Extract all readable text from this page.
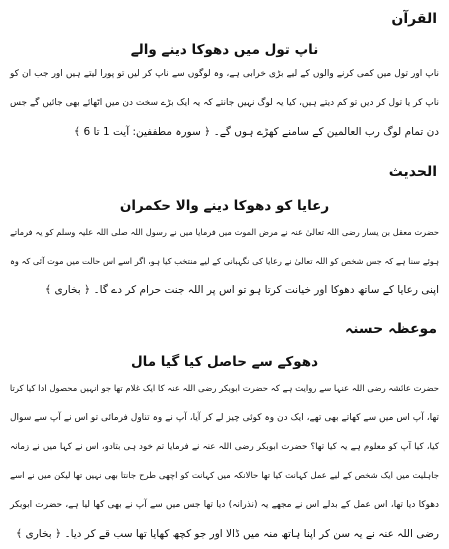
القرآن
ناپ تول میں دھوکا دینے والے
ناپ اور تول میں کمی کرنے والوں کے لیے بڑی خرابی ہے، وہ لوگوں سے ناپ کر لیں تو پورا لیتے ہیں اور جب ان کو
ناپ کر یا تول کر دیں تو کم دیتے ہیں، کیا یہ لوگ نہیں جانتے کہ یہ ایک بڑے سخت دن میں اٹھائے بھی جائیں گے جس
دن تمام لوگ رب العالمین کے سامنے کھڑے ہوں گے۔ ﴿ سورہ مطففین: آیت 1 تا 6 ﴾
الحدیث
رعایا کو دھوکا دینے والا حکمران
حضرت معقل بن یسار رضی اللہ تعالیٰ عنہ نے مرض الموت میں فرمایا میں نے رسول اللہ صلی اللہ علیہ وسلم کو یہ فرماتے
ہوئے سنا ہے کہ جس شخص کو اللہ تعالیٰ نے رعایا کی نگہبانی کے لیے منتخب کیا ہو، اگر اسے اس حالت میں موت آئی کہ وہ
اپنی رعایا کے ساتھ دھوکا اور خیانت کرتا ہو تو اس پر اللہ جنت حرام کر دے گا۔ ﴿ بخاری ﴾
موعظہ حسنہ
دھوکے سے حاصل کیا گیا مال
حضرت عائشہ رضی اللہ عنہا سے روایت ہے کہ حضرت ابوبکر رضی اللہ عنہ کا ایک غلام تھا جو انہیں محصول ادا کیا کرتا
تھا، آپ اس میں سے کھاتے بھی تھے، ایک دن وہ کوئی چیز لے کر آیا، آپ نے وہ تناول فرمائی تو اس نے آپ سے سوال
کیا، کیا آپ کو معلوم ہے یہ کیا تھا؟ حضرت ابوبکر رضی اللہ عنہ نے فرمایا تم خود ہی بتادو، اس نے کہا میں نے زمانہ
جاہلیت میں ایک شخص کے لیے عمل کہانت کیا تھا حالانکہ میں کہانت کو اچھی طرح جانتا بھی نہیں تھا لیکن میں نے اسے
دھوکا دیا تھا، اس عمل کے بدلے اس نے مجھے یہ (نذرانہ) دیا تھا جس میں سے آپ نے بھی کھا لیا ہے، حضرت ابوبکر
رضی اللہ عنہ نے یہ سن کر اپنا ہاتھ منہ میں ڈالا اور جو کچھ کھایا تھا سب قے کر دیا۔ ﴿ بخاری ﴾
